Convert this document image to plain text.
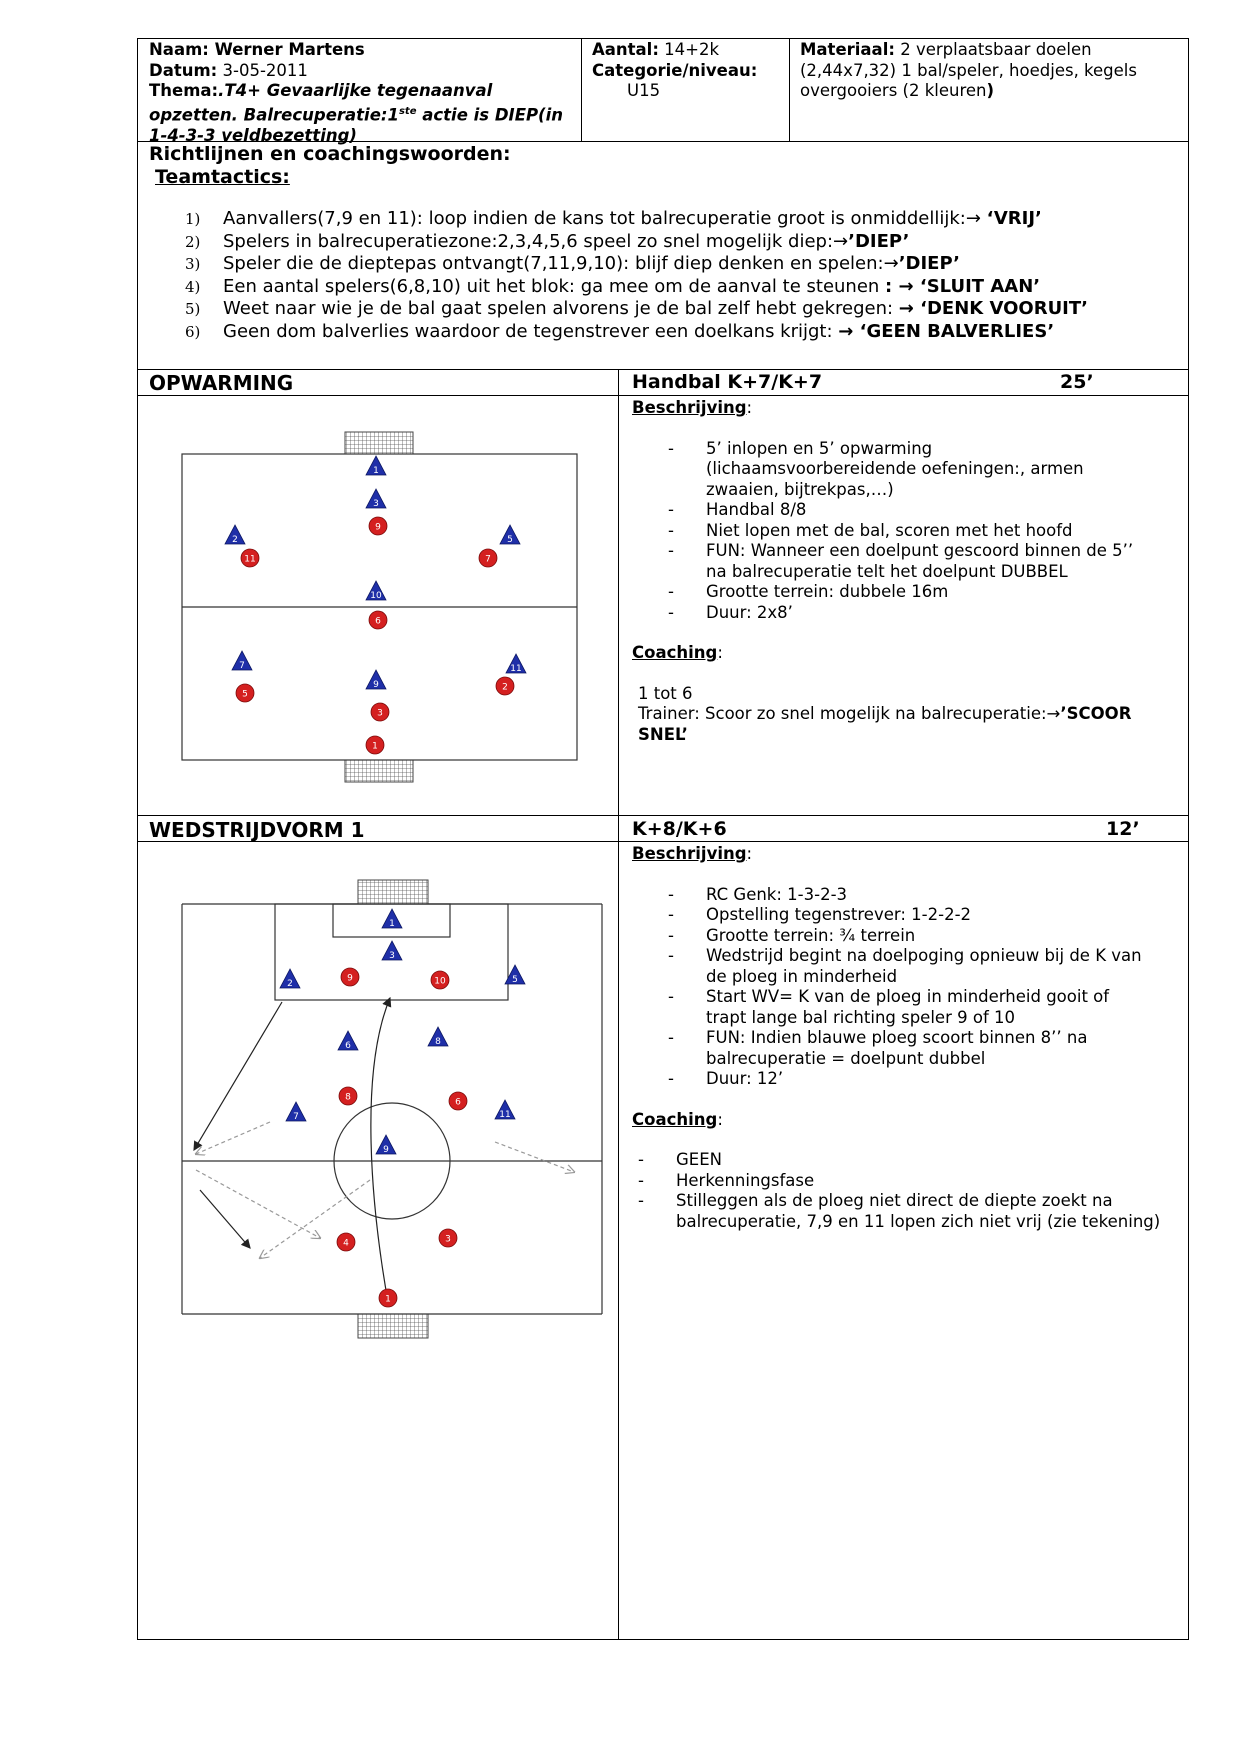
Naam: Werner Martens
Datum: 3-05-2011
Thema:.T4+ Gevaarlijke tegenaanval opzetten. Balrecuperatie:1ste actie is DIEP(in 1-4-3-3 veldbezetting)
Aantal: 14+2k
Categorie/niveau:
U15
Materiaal: 2 verplaatsbaar doelen (2,44x7,32) 1 bal/speler, hoedjes, kegels overgooiers (2 kleuren)
Richtlijnen en coachingswoorden:
Teamtactics:
1)	Aanvallers(7,9 en 11): loop indien de kans tot balrecuperatie groot is onmiddellijk:→ ‘VRIJ’
2)	Spelers in balrecuperatiezone:2,3,4,5,6 speel zo snel mogelijk diep:→’DIEP’
3)	Speler die de dieptepas ontvangt(7,11,9,10): blijf diep denken en spelen:→’DIEP’
4)	Een aantal spelers(6,8,10) uit het blok: ga mee om de aanval te steunen : → ‘SLUIT AAN’
5)	Weet naar wie je de bal gaat spelen alvorens je de bal zelf hebt gekregen: → ‘DENK VOORUIT’
6)	Geen dom balverlies waardoor de tegenstrever een doelkans krijgt: → ‘GEEN BALVERLIES’
OPWARMING	Handbal K+7/K+7	25’
Beschrijving:
- 5’ inlopen en 5’ opwarming (lichaamsvoorbereidende oefeningen:, armen zwaaien, bijtrekpas,…)
- Handbal 8/8
- Niet lopen met de bal, scoren met het hoofd
- FUN: Wanneer een doelpunt gescoord binnen de 5’’ na balrecuperatie telt het doelpunt DUBBEL
- Grootte terrein: dubbele 16m
- Duur: 2x8’
Coaching:
1 tot 6
Trainer: Scoor zo snel mogelijk na balrecuperatie:→’SCOOR SNEL’
1
3
2	5
10
7
9
11
9
11	7
6
5
2
3
1
WEDSTRIJDVORM 1	K+8/K+6	12’
Beschrijving:
- RC Genk: 1-3-2-3
- Opstelling tegenstrever: 1-2-2-2
- Grootte terrein: ¾ terrein
- Wedstrijd begint na doelpoging opnieuw bij de K van de ploeg in minderheid
- Start WV= K van de ploeg in minderheid gooit of trapt lange bal richting speler 9 of 10
- FUN: Indien blauwe ploeg scoort binnen 8’’ na balrecuperatie = doelpunt dubbel
- Duur: 12’
Coaching:
- GEEN
- Herkenningsfase
- Stilleggen als de ploeg niet direct de diepte zoekt na balrecuperatie, 7,9 en 11 lopen zich niet vrij (zie tekening)
1
3
2	5
6	8
7	11
9
9	10
8	6
4	3
1
